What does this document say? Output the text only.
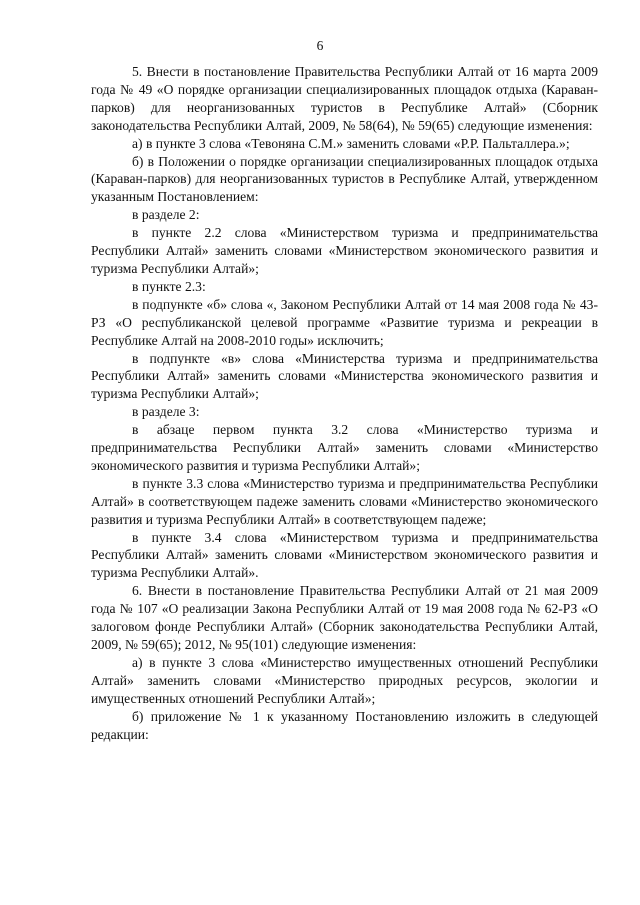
6

5. Внести в постановление Правительства Республики Алтай от 16 марта 2009 года № 49 «О порядке организации специализированных площадок отдыха (Караван-парков) для неорганизованных туристов в Республике Алтай» (Сборник законодательства Республики Алтай, 2009, № 58(64), № 59(65) следующие изменения:

а) в пункте 3 слова «Тевоняна С.М.» заменить словами «Р.Р. Пальталлера.»;

б) в Положении о порядке организации специализированных площадок отдыха (Караван-парков) для неорганизованных туристов в Республике Алтай, утвержденном указанным Постановлением:

в разделе 2:

в пункте 2.2 слова «Министерством туризма и предпринимательства Республики Алтай» заменить словами «Министерством экономического развития и туризма Республики Алтай»;

в пункте 2.3:

в подпункте «б» слова «, Законом Республики Алтай от 14 мая 2008 года № 43-РЗ «О республиканской целевой программе «Развитие туризма и рекреации в Республике Алтай на 2008-2010 годы» исключить;

в подпункте «в» слова «Министерства туризма и предпринимательства Республики Алтай» заменить словами «Министерства экономического развития и туризма Республики Алтай»;

в разделе 3:

в абзаце первом пункта 3.2 слова «Министерство туризма и предпринимательства Республики Алтай» заменить словами «Министерство экономического развития и туризма Республики Алтай»;

в пункте 3.3 слова «Министерство туризма и предпринимательства Республики Алтай» в соответствующем падеже заменить словами «Министерство экономического развития и туризма Республики Алтай» в соответствующем падеже;

в пункте 3.4 слова «Министерством туризма и предпринимательства Республики Алтай» заменить словами «Министерством экономического развития и туризма Республики Алтай».

6. Внести в постановление Правительства Республики Алтай от 21 мая 2009 года № 107 «О реализации Закона Республики Алтай от 19 мая 2008 года № 62-РЗ «О залоговом фонде Республики Алтай» (Сборник законодательства Республики Алтай, 2009, № 59(65); 2012, № 95(101) следующие изменения:

а) в пункте 3 слова «Министерство имущественных отношений Республики Алтай» заменить словами «Министерство природных ресурсов, экологии и имущественных отношений Республики Алтай»;

б) приложение № 1 к указанному Постановлению изложить в следующей редакции:
